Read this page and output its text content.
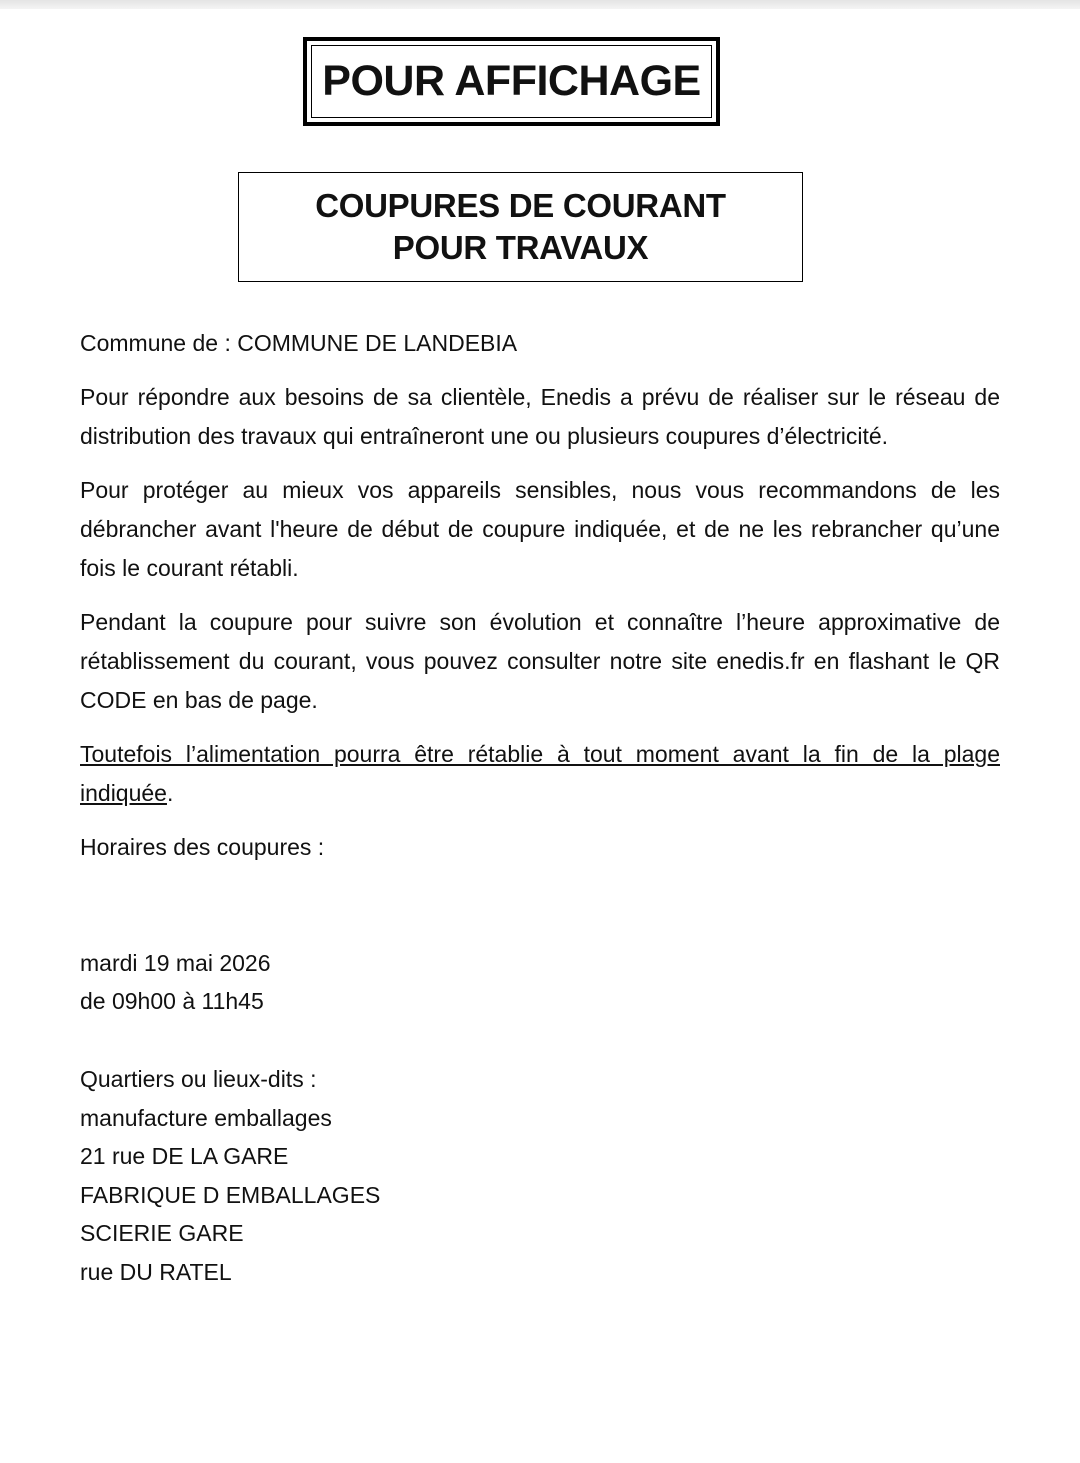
POUR AFFICHAGE
COUPURES DE COURANT
POUR TRAVAUX

Commune de : COMMUNE DE LANDEBIA

Pour répondre aux besoins de sa clientèle, Enedis a prévu de réaliser sur le réseau de distribution des travaux qui entraîneront une ou plusieurs coupures d’électricité.

Pour protéger au mieux vos appareils sensibles, nous vous recommandons de les débrancher avant l'heure de début de coupure indiquée, et de ne les rebrancher qu’une fois le courant rétabli.

Pendant la coupure pour suivre son évolution et connaître l’heure approximative de rétablissement du courant, vous pouvez consulter notre site enedis.fr en flashant le QR CODE en bas de page.

Toutefois l’alimentation pourra être rétablie à tout moment avant la fin de la plage indiquée.

Horaires des coupures :

mardi 19 mai 2026
de 09h00 à 11h45
Quartiers ou lieux-dits :
manufacture emballages
21 rue DE LA GARE
FABRIQUE D EMBALLAGES
SCIERIE GARE
rue DU RATEL
